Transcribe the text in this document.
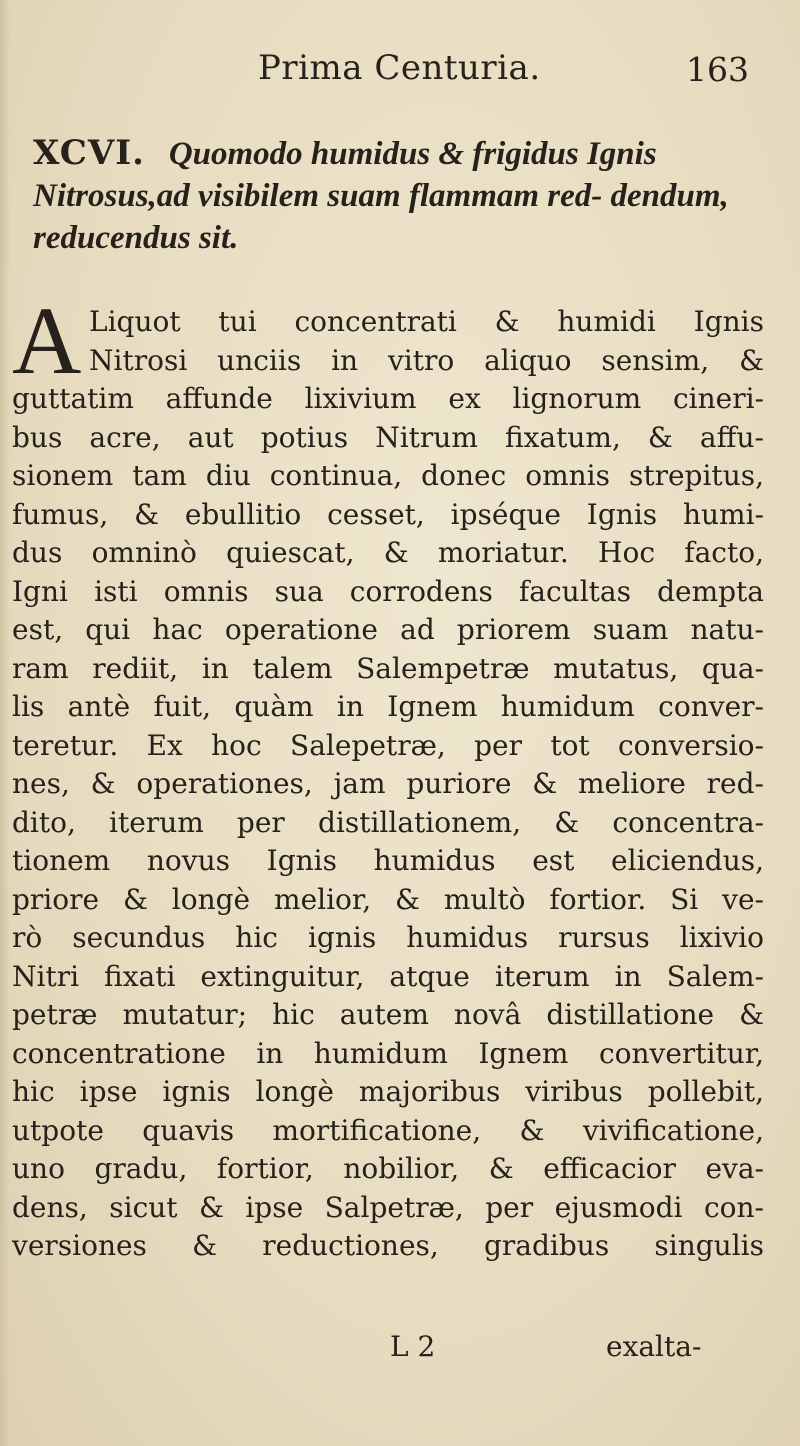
Prima Centuria.	163
XCVI. Quomodo humidus & frigidus Ignis Nitrosus,ad visibilem suam flammam red- dendum, reducendus sit.
A Liquot tui concentrati & humidi Ignis
Nitrosi unciis in vitro aliquo sensim, &
guttatim affunde lixivium ex lignorum cineri-
bus acre, aut potius Nitrum fixatum, & affu-
sionem tam diu continua, donec omnis strepitus,
fumus, & ebullitio cesset, ipséque Ignis humi-
dus omninò quiescat, & moriatur. Hoc facto,
Igni isti omnis sua corrodens facultas dempta
est, qui hac operatione ad priorem suam natu-
ram rediit, in talem Salempetræ mutatus, qua-
lis antè fuit, quàm in Ignem humidum conver-
teretur. Ex hoc Salepetræ, per tot conversio-
nes, & operationes, jam puriore & meliore red-
dito, iterum per distillationem, & concentra-
tionem novus Ignis humidus est eliciendus,
priore & longè melior, & multò fortior. Si ve-
rò secundus hic ignis humidus rursus lixivio
Nitri fixati extinguitur, atque iterum in Salem-
petræ mutatur; hic autem novâ distillatione &
concentratione in humidum Ignem convertitur,
hic ipse ignis longè majoribus viribus pollebit,
utpote quavis mortificatione, & vivificatione,
uno gradu, fortior, nobilior, & efficacior eva-
dens, sicut & ipse Salpetræ, per ejusmodi con-
versiones & reductiones, gradibus singulis
L 2	exalta-
